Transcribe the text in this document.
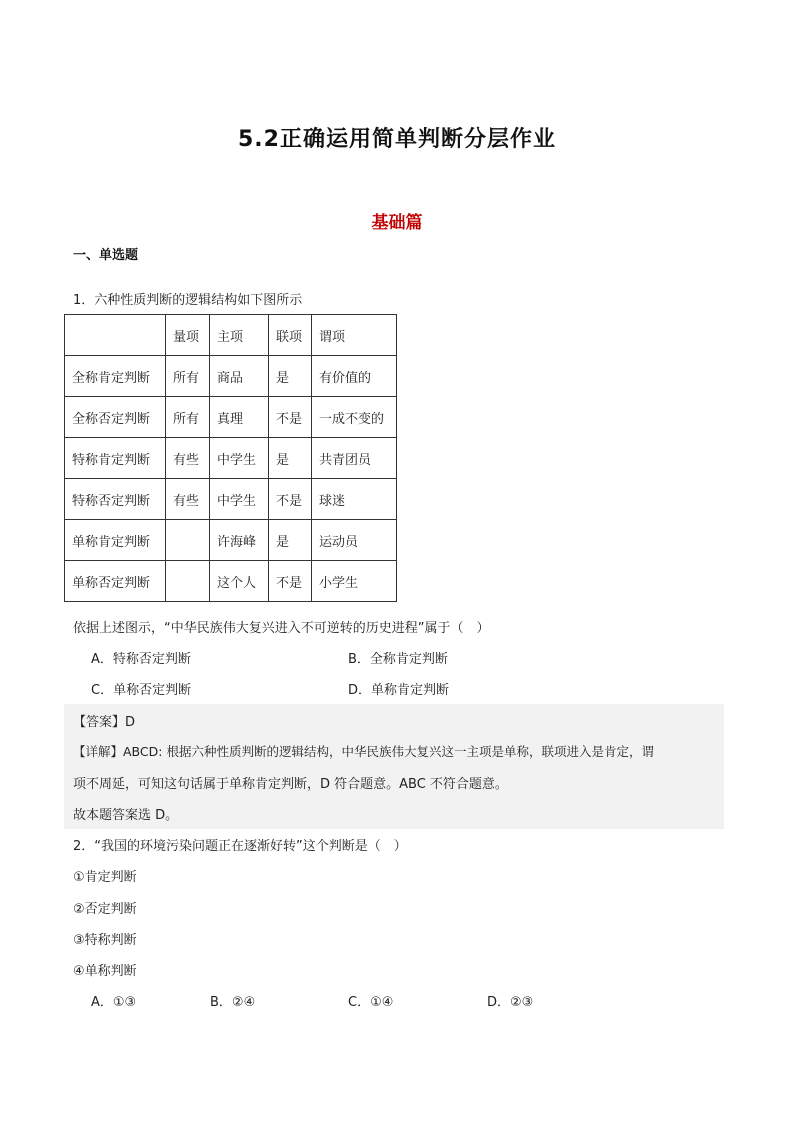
5.2正确运用简单判断分层作业
基础篇
一、单选题
1．六种性质判断的逻辑结构如下图所示
	量项	主项	联项	谓项
全称肯定判断	所有	商品	是	有价值的
全称否定判断	所有	真理	不是	一成不变的
特称肯定判断	有些	中学生	是	共青团员
特称否定判断	有些	中学生	不是	球迷
单称肯定判断		许海峰	是	运动员
单称否定判断		这个人	不是	小学生
依据上述图示，“中华民族伟大复兴进入不可逆转的历史进程”属于（　）
A．特称否定判断	B．全称肯定判断
C．单称否定判断	D．单称肯定判断
【答案】D
【详解】ABCD: 根据六种性质判断的逻辑结构，中华民族伟大复兴这一主项是单称，联项进入是肯定，谓
项不周延，可知这句话属于单称肯定判断，D 符合题意。ABC 不符合题意。
故本题答案选 D。
2．“我国的环境污染问题正在逐渐好转”这个判断是（　）
①肯定判断
②否定判断
③特称判断
④单称判断
A．①③	B．②④	C．①④	D．②③
